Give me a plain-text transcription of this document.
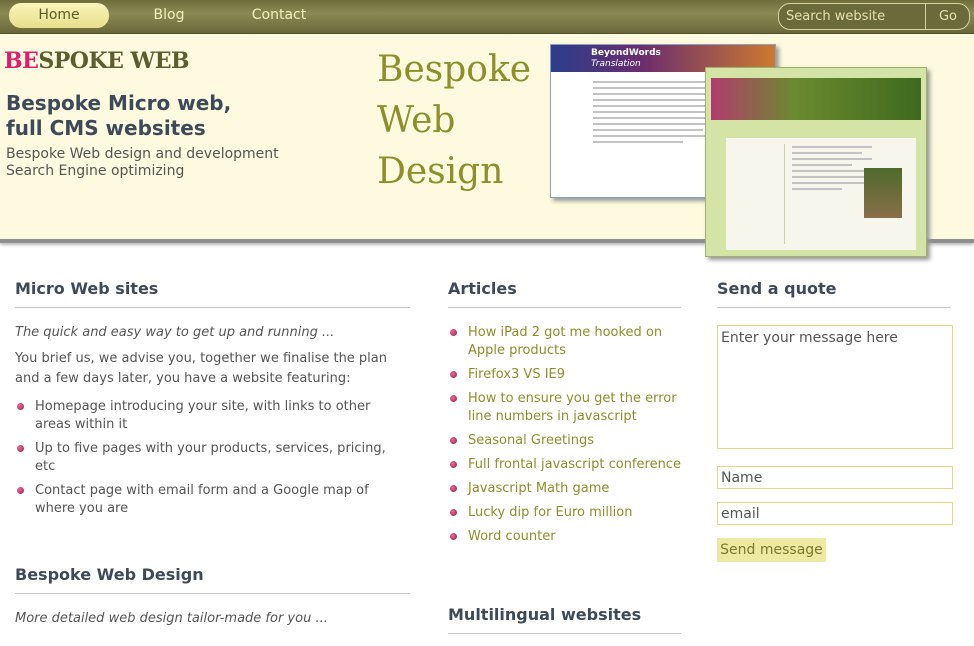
Home	Blog	Contact
Search website	Go
BESPOKE WEB
Bespoke Micro web,
full CMS websites
Bespoke Web design and development
Search Engine optimizing
Bespoke
Web
Design
BeyondWords
Translation
Micro Web sites

The quick and easy way to get up and running ...

You brief us, we advise you, together we finalise the plan and a few days later, you have a website featuring:

Homepage introducing your site, with links to other areas within it
Up to five pages with your products, services, pricing, etc
Contact page with email form and a Google map of where you are
Bespoke Web Design

More detailed web design tailor-made for you ...

Articles
How iPad 2 got me hooked on Apple products
Firefox3 VS IE9
How to ensure you get the error line numbers in javascript
Seasonal Greetings
Full frontal javascript conference
Javascript Math game
Lucky dip for Euro million
Word counter
Multilingual websites
Send a quote
Enter your message here
Name
email
Send message
